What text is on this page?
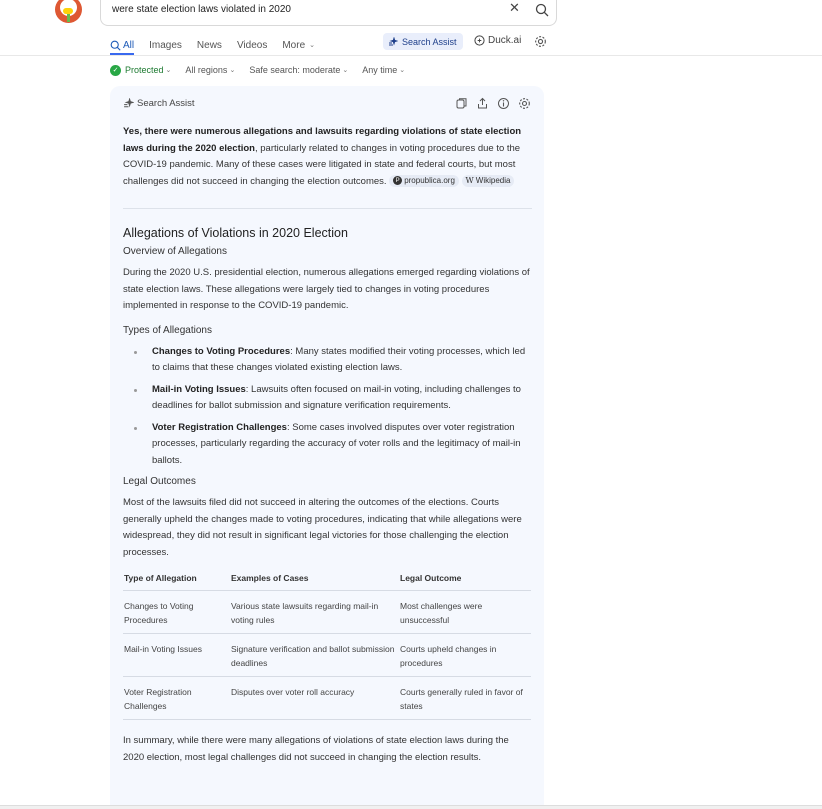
were state election laws violated in 2020	✕
All Images News Videos More ⌄	Search Assist	Duck.ai
✓ Protected ⌄ All regions ⌄ Safe search: moderate ⌄ Any time ⌄
Search Assist

Yes, there were numerous allegations and lawsuits regarding violations of state election laws during the 2020 election, particularly related to changes in voting procedures due to the COVID-19 pandemic. Many of these cases were litigated in state and federal courts, but most challenges did not succeed in changing the election outcomes.	P propublica.org
W Wikipedia

Allegations of Violations in 2020 Election
Overview of Allegations

During the 2020 U.S. presidential election, numerous allegations emerged regarding violations of state election laws. These allegations were largely tied to changes in voting procedures implemented in response to the COVID-19 pandemic.

Types of Allegations
Changes to Voting Procedures: Many states modified their voting processes, which led to claims that these changes violated existing election laws.
Mail-in Voting Issues: Lawsuits often focused on mail-in voting, including challenges to deadlines for ballot submission and signature verification requirements.
Voter Registration Challenges: Some cases involved disputes over voter registration processes, particularly regarding the accuracy of voter rolls and the legitimacy of mail-in ballots.
Legal Outcomes

Most of the lawsuits filed did not succeed in altering the outcomes of the elections. Courts generally upheld the changes made to voting procedures, indicating that while allegations were widespread, they did not result in significant legal victories for those challenging the election processes.

Type of Allegation	Examples of Cases	Legal Outcome
Changes to Voting Procedures	Various state lawsuits regarding mail-in voting rules	Most challenges were unsuccessful
Mail-in Voting Issues	Signature verification and ballot submission deadlines	Courts upheld changes in procedures
Voter Registration Challenges	Disputes over voter roll accuracy	Courts generally ruled in favor of states

In summary, while there were many allegations of violations of state election laws during the 2020 election, most legal challenges did not succeed in changing the election results.
